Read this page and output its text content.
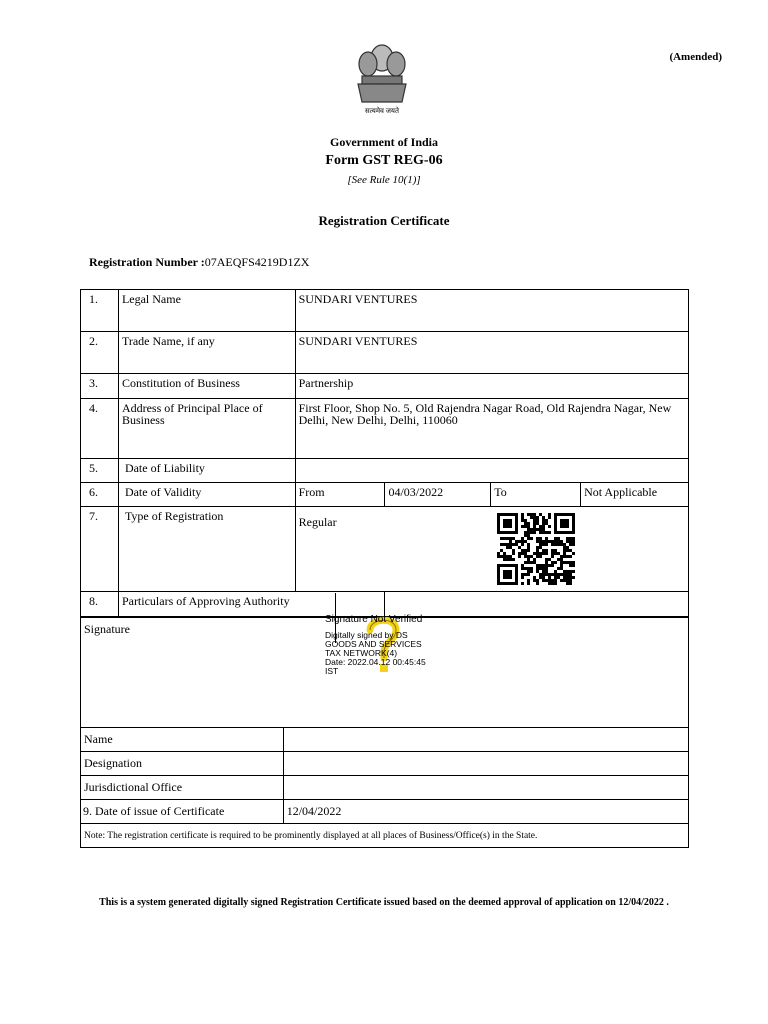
(Amended)
सत्यमेव जयते
Government of India
Form GST REG-06
[See Rule 10(1)]
Registration Certificate
Registration Number :07AEQFS4219D1ZX
1.	Legal Name	SUNDARI VENTURES			
2.	Trade Name, if any	SUNDARI VENTURES			
3.	Constitution of Business	Partnership			
4.	Address of Principal Place of Business	First Floor, Shop No. 5, Old Rajendra Nagar Road, Old Rajendra Nagar, New Delhi, New Delhi, Delhi, 110060			
5.	Date of Liability				
6.	Date of Validity	From	04/03/2022	To	Not Applicable
7.	Type of Registration	Regular			
8.	Particulars of Approving Authority				
Signature	
Name	
Designation	
Jurisdictional Office	
9. Date of issue of Certificate	12/04/2022
Note: The registration certificate is required to be prominently displayed at all places of Business/Office(s) in the State.	
Signature Not Verified
Digitally signed by DS
GOODS AND SERVICES
TAX NETWORK(4)
Date: 2022.04.12 00:45:45
IST
This is a system generated digitally signed Registration Certificate issued based on the deemed approval of application on 12/04/2022 .
